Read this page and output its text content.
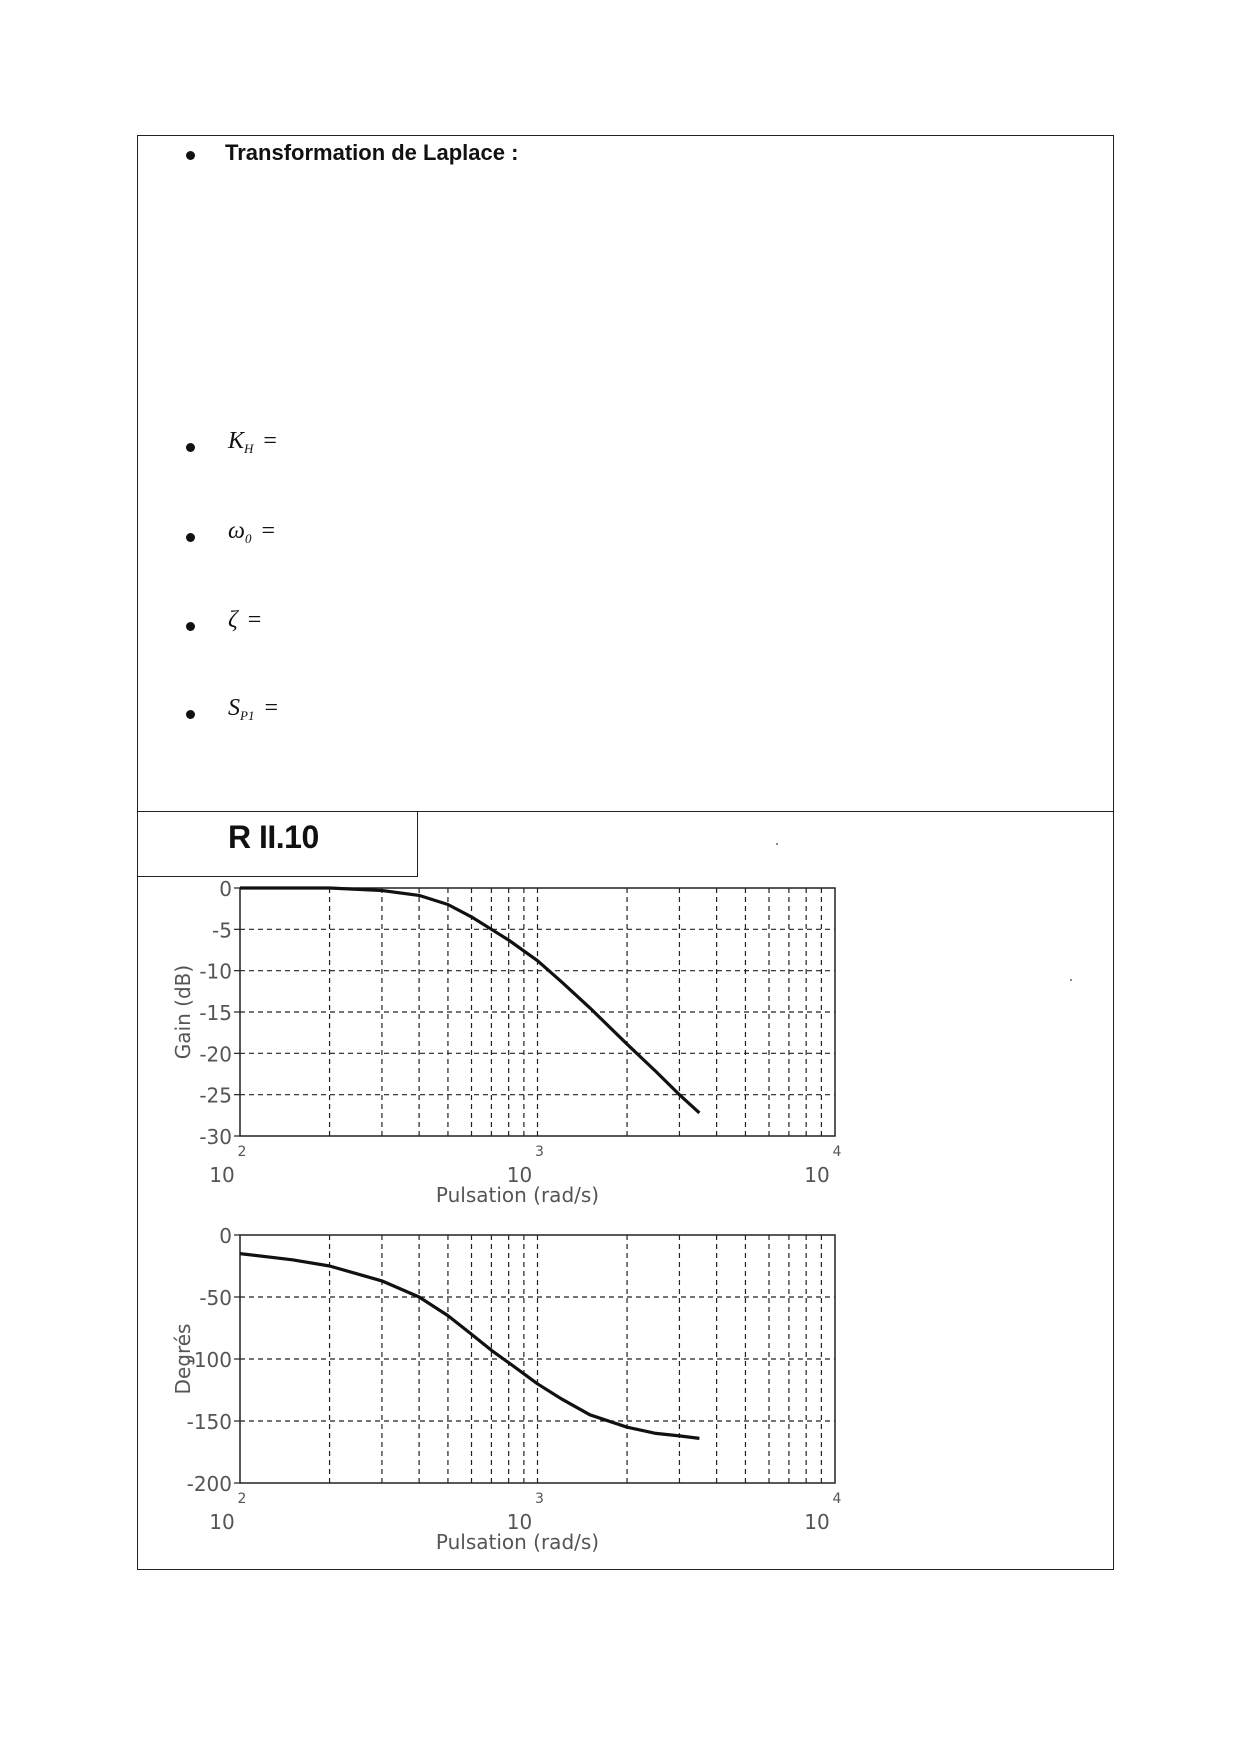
Transformation de Laplace :
$K_H$ =
$\omega_0$ =
ζ =
$S_{P1}$ =
R II.10
0
-5
-10
-15
-20
-25
-30
10
2
10
3
10
4
Pulsation (rad/s)
Gain (dB)
0
-50
-100
-150
-200
10
2
10
3
10
4
Pulsation (rad/s)
Degrés
